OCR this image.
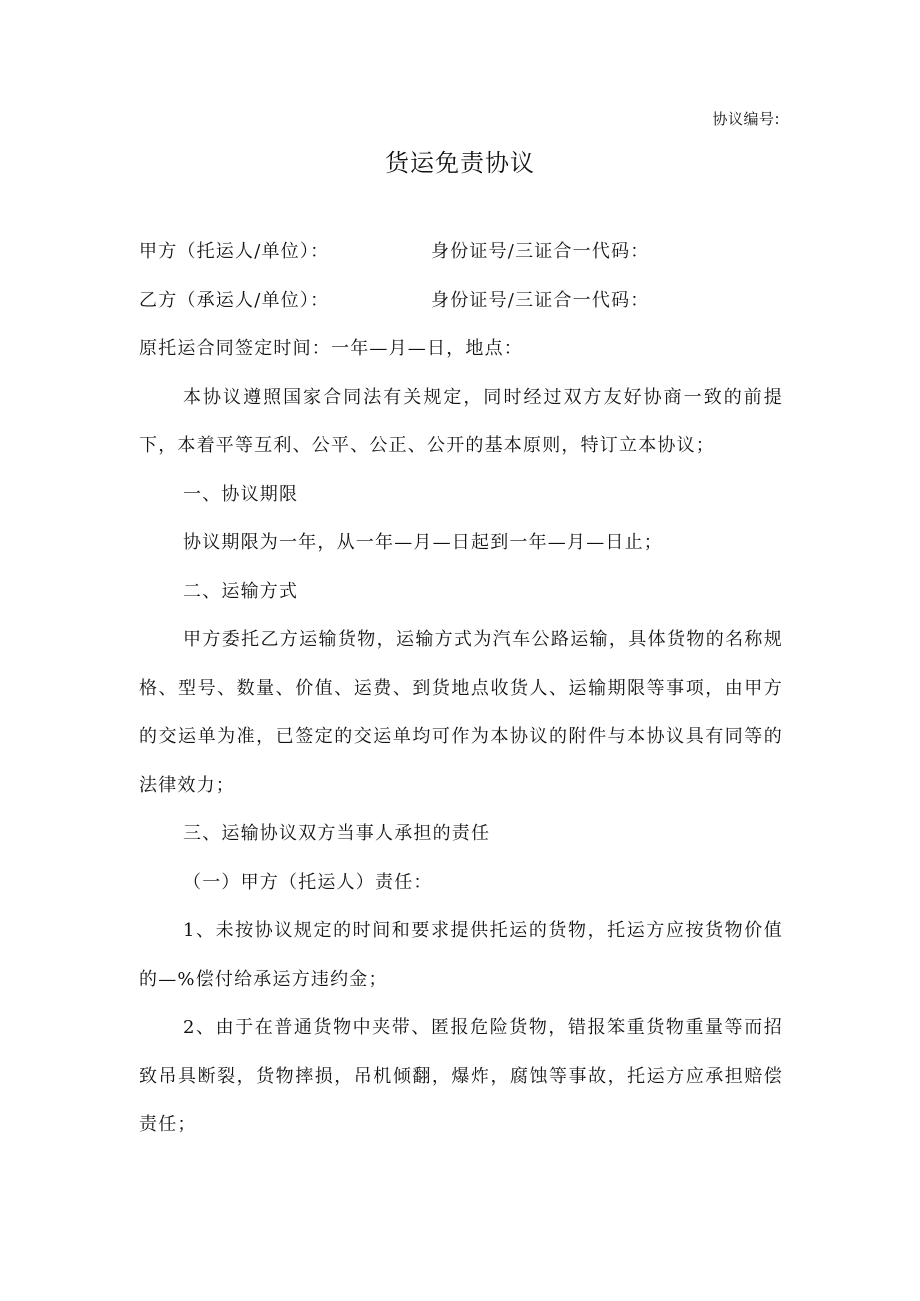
协议编号:
货运免责协议
甲方（托运人/单位）：	身份证号/三证合一代码：
乙方（承运人/单位）：	身份证号/三证合一代码：
原托运合同签定时间：一年—月—日，地点：

本协议遵照国家合同法有关规定，同时经过双方友好协商一致的前提下，本着平等互利、公平、公正、公开的基本原则，特订立本协议；

一、协议期限
协议期限为一年，从一年—月—日起到一年—月—日止；
二、运输方式

甲方委托乙方运输货物，运输方式为汽车公路运输，具体货物的名称规格、型号、数量、价值、运费、到货地点收货人、运输期限等事项，由甲方的交运单为准，已签定的交运单均可作为本协议的附件与本协议具有同等的法律效力；

三、运输协议双方当事人承担的责任
（一）甲方（托运人）责任：

1、未按协议规定的时间和要求提供托运的货物，托运方应按货物价值的—%偿付给承运方违约金；

2、由于在普通货物中夹带、匿报危险货物，错报笨重货物重量等而招致吊具断裂，货物摔损，吊机倾翻，爆炸，腐蚀等事故，托运方应承担赔偿责任；
